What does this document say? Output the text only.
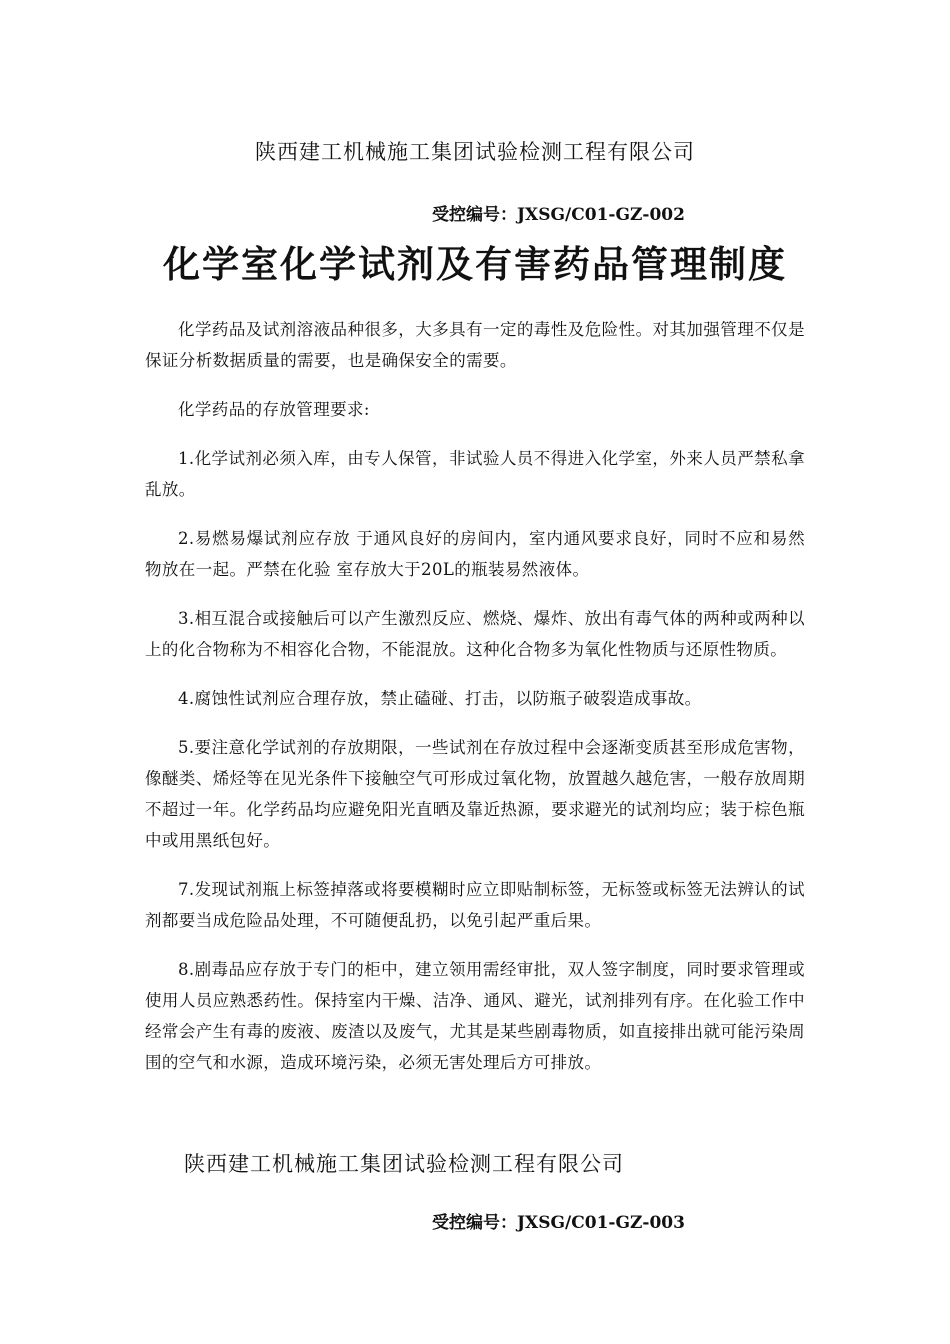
陕西建工机械施工集团试验检测工程有限公司
受控编号：JXSG/C01-GZ-002
化学室化学试剂及有害药品管理制度

化学药品及试剂溶液品种很多，大多具有一定的毒性及危险性。对其加强管理不仅是保证分析数据质量的需要，也是确保安全的需要。

化学药品的存放管理要求:

1.化学试剂必须入库，由专人保管，非试验人员不得进入化学室，外来人员严禁私拿乱放。

2.易燃易爆试剂应存放 于通风良好的房间内，室内通风要求良好，同时不应和易然物放在一起。严禁在化验 室存放大于20L的瓶装易然液体。

3.相互混合或接触后可以产生激烈反应、燃烧、爆炸、放出有毒气体的两种或两种以上的化合物称为不相容化合物，不能混放。这种化合物多为氧化性物质与还原性物质。

4.腐蚀性试剂应合理存放，禁止磕碰、打击，以防瓶子破裂造成事故。

5.要注意化学试剂的存放期限，一些试剂在存放过程中会逐渐变质甚至形成危害物，像醚类、烯烃等在见光条件下接触空气可形成过氧化物，放置越久越危害，一般存放周期不超过一年。化学药品均应避免阳光直晒及靠近热源，要求避光的试剂均应；装于棕色瓶中或用黑纸包好。

7.发现试剂瓶上标签掉落或将要模糊时应立即贴制标签，无标签或标签无法辨认的试剂都要当成危险品处理，不可随便乱扔，以免引起严重后果。

8.剧毒品应存放于专门的柜中，建立领用需经审批，双人签字制度，同时要求管理或使用人员应熟悉药性。保持室内干燥、洁净、通风、避光，试剂排列有序。在化验工作中经常会产生有毒的废液、废渣以及废气，尤其是某些剧毒物质，如直接排出就可能污染周围的空气和水源，造成环境污染，必须无害处理后方可排放。

陕西建工机械施工集团试验检测工程有限公司
受控编号：JXSG/C01-GZ-003
